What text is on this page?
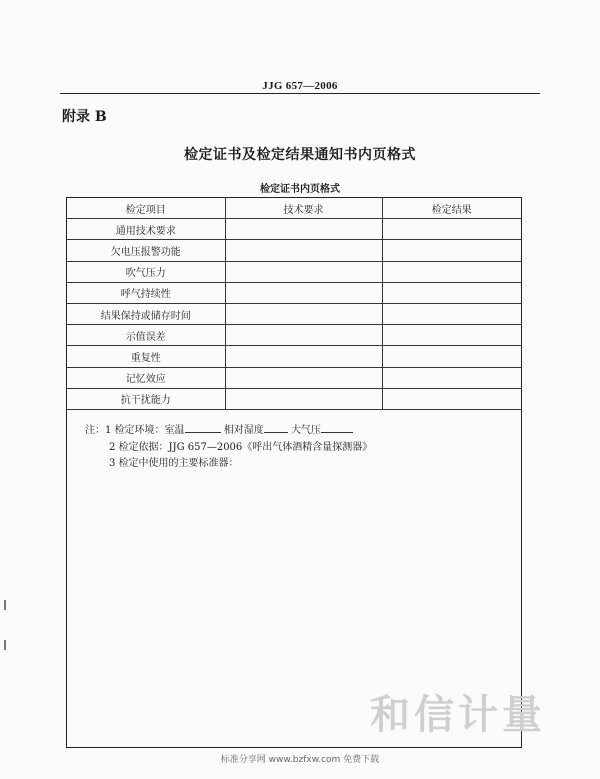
JJG 657—2006
附录 B
检定证书及检定结果通知书内页格式
检定证书内页格式
检定项目	技术要求	检定结果
通用技术要求		
欠电压报警功能		
吹气压力		
呼气持续性		
结果保持或储存时间		
示值误差		
重复性		
记忆效应		
抗干扰能力		
注：1 检定环境：室温	相对湿度	大气压
2 检定依据：JJG 657—2006《呼出气体酒精含量探测器》
3 检定中使用的主要标准器：
和信计量
标准分享网 www.bzfxw.com 免费下载
